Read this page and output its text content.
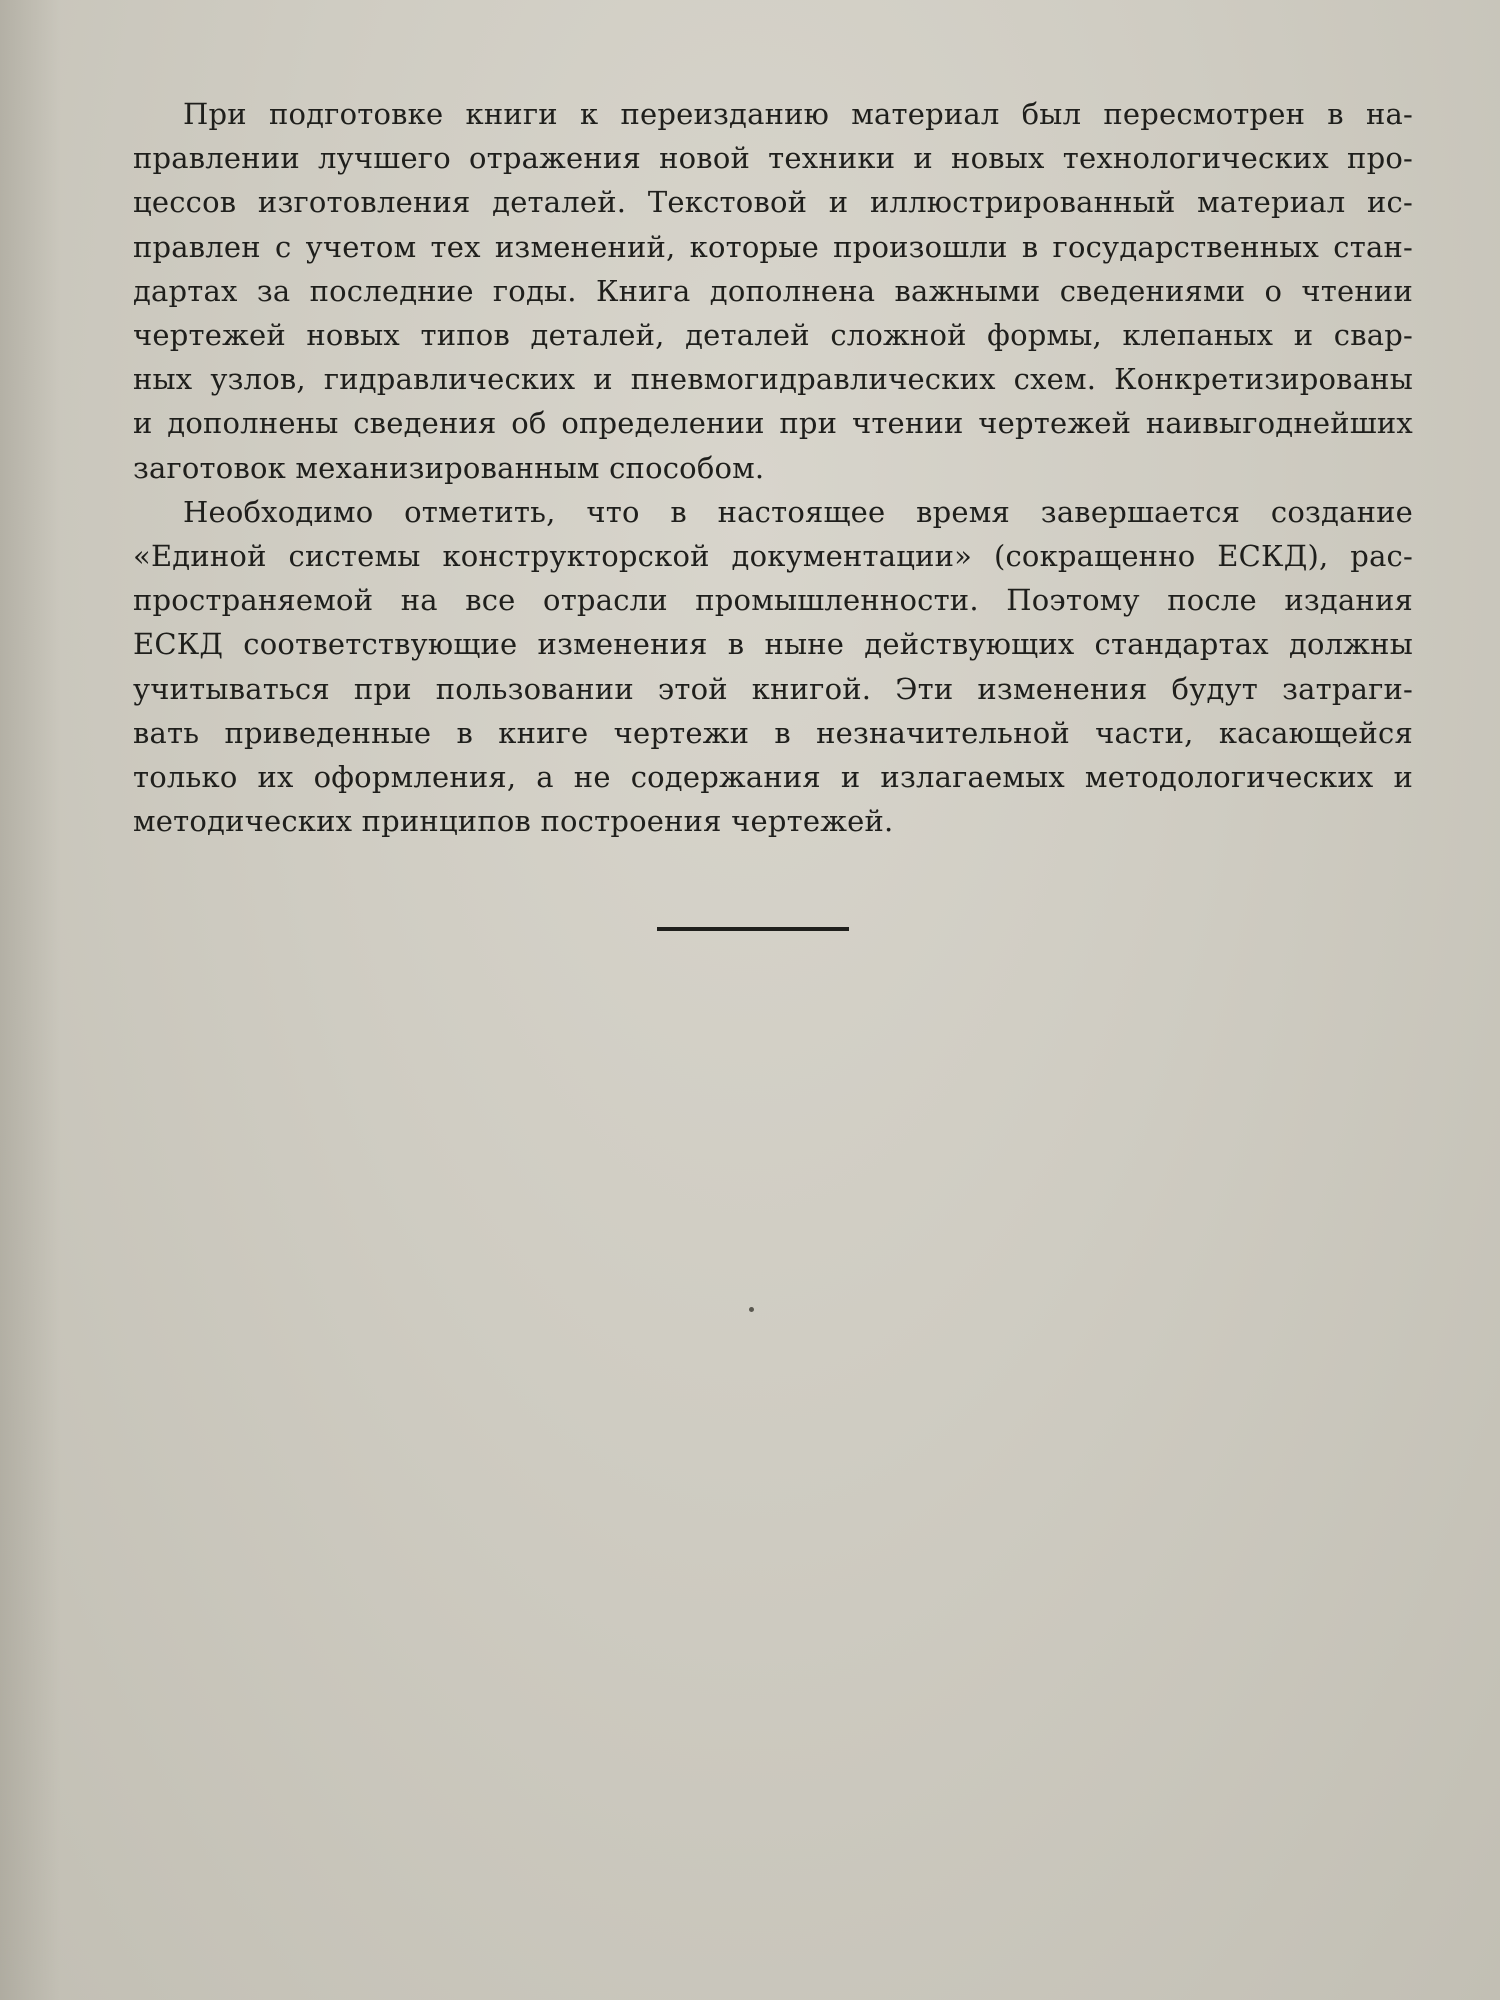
При подготовке книги к переизданию материал был пересмотрен в на-
правлении лучшего отражения новой техники и новых технологических про-
цессов изготовления деталей. Текстовой и иллюстрированный материал ис-
правлен с учетом тех изменений, которые произошли в государственных стан-
дартах за последние годы. Книга дополнена важными сведениями о чтении
чертежей новых типов деталей, деталей сложной формы, клепаных и свар-
ных узлов, гидравлических и пневмогидравлических схем. Конкретизированы
и дополнены сведения об определении при чтении чертежей наивыгоднейших
заготовок механизированным способом.
Необходимо отметить, что в настоящее время завершается создание
«Единой системы конструкторской документации» (сокращенно ЕСКД), рас-
пространяемой на все отрасли промышленности. Поэтому после издания
ЕСКД соответствующие изменения в ныне действующих стандартах должны
учитываться при пользовании этой книгой. Эти изменения будут затраги-
вать приведенные в книге чертежи в незначительной части, касающейся
только их оформления, а не содержания и излагаемых методологических и
методических принципов построения чертежей.
